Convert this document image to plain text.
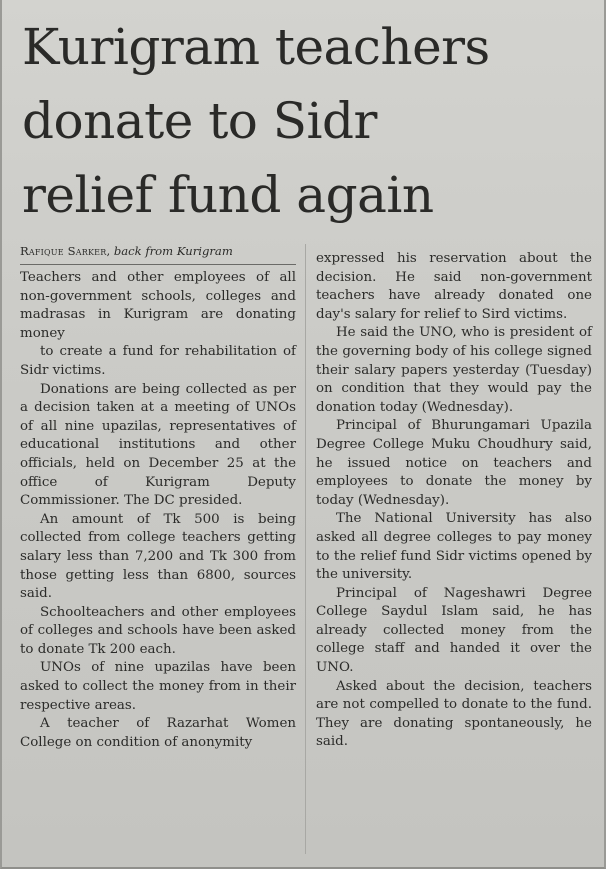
Kurigram teachers
donate to Sidr
relief fund again
Rafique Sarker, back from Kurigram

Teachers and other employees of all non-government schools, colleges and madrasas in Kurigram are donating money

to create a fund for rehabilitation of Sidr victims.

Donations are being collected as per a decision taken at a meeting of UNOs of all nine upazilas, representatives of educational institutions and other officials, held on December 25 at the office of Kurigram Deputy Commissioner. The DC presided.

An amount of Tk 500 is being collected from college teachers getting salary less than 7,200 and Tk 300 from those getting less than 6800, sources said.

Schoolteachers and other employees of colleges and schools have been asked to donate Tk 200 each.

UNOs of nine upazilas have been asked to collect the money from in their respective areas.

A teacher of Razarhat Women College on condition of anonymity

expressed his reservation about the decision. He said non-government teachers have already donated one day's salary for relief to Sird victims.

He said the UNO, who is president of the governing body of his college signed their salary papers yesterday (Tuesday) on condition that they would pay the donation today (Wednesday).

Principal of Bhurungamari Upazila Degree College Muku Choudhury said, he issued notice on teachers and employees to donate the money by today (Wednesday).

The National University has also asked all degree colleges to pay money to the relief fund Sidr victims opened by the university.

Principal of Nageshawri Degree College Saydul Islam said, he has already collected money from the college staff and handed it over the UNO.

Asked about the decision, teachers are not compelled to donate to the fund. They are donating spontaneously, he said.
